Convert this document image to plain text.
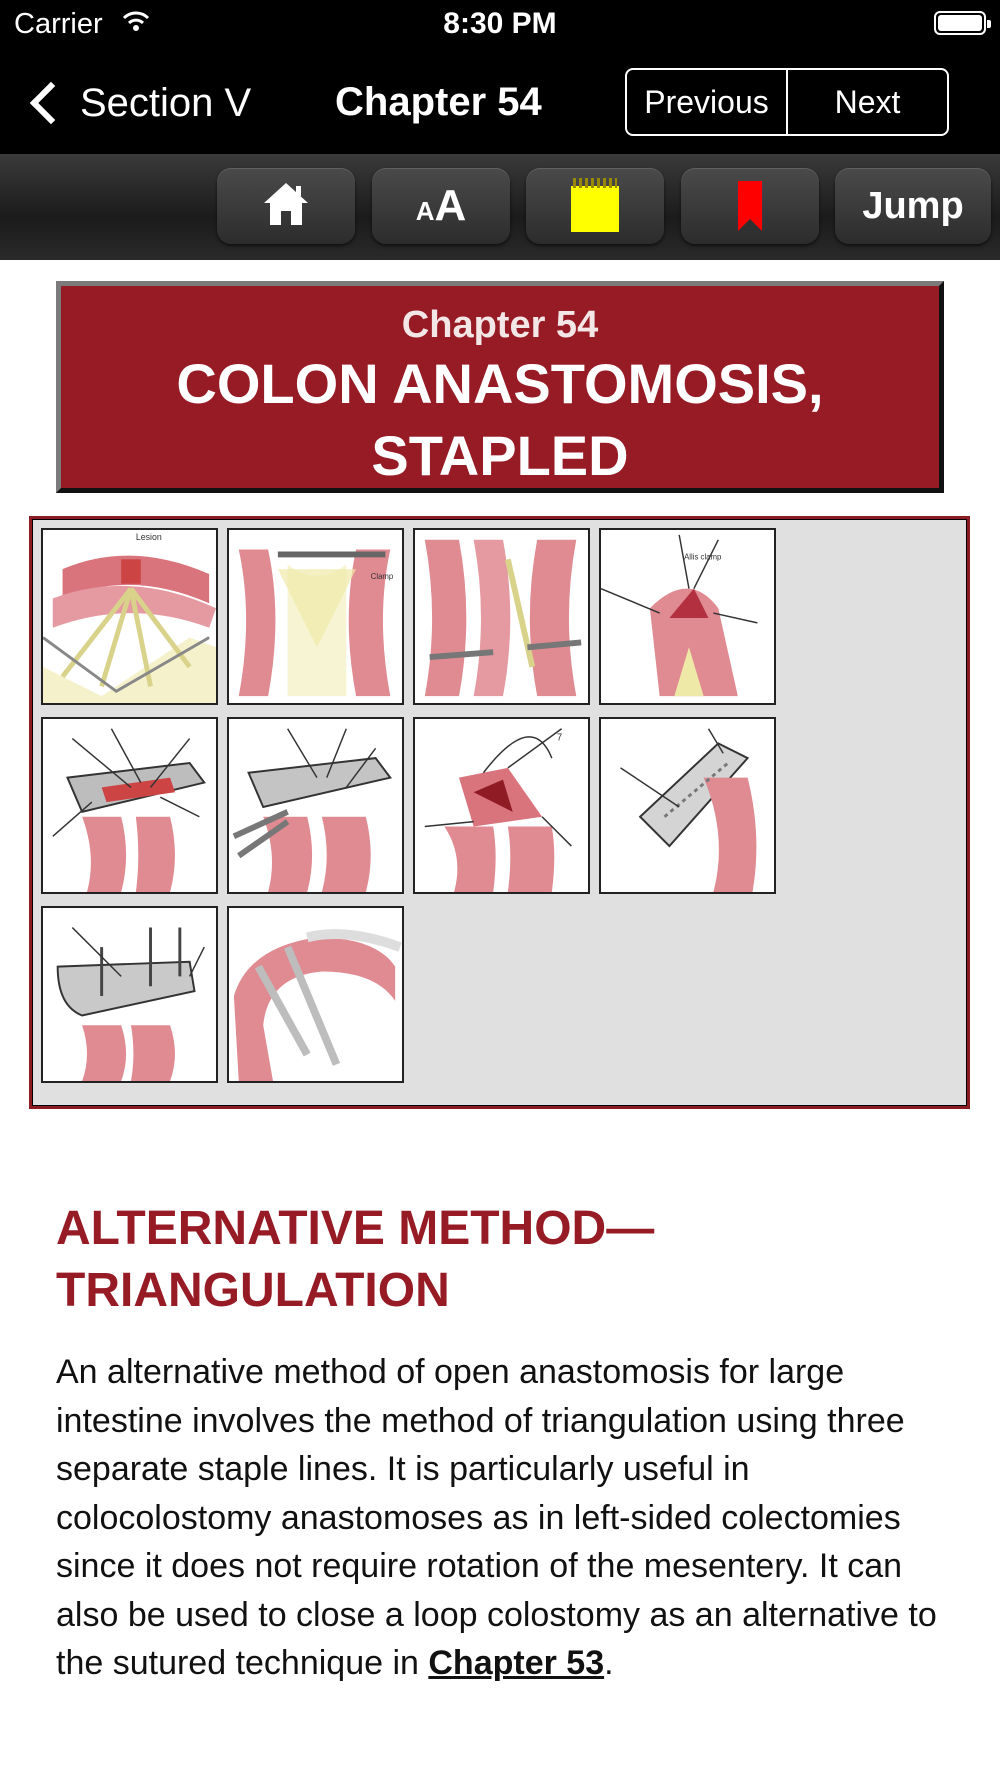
Carrier	8:30 PM
Section V Chapter 54	Previous	Next
AA	Jump
Chapter 54
COLON ANASTOMOSIS,
STAPLED
Lesion
Clamp
Allis clamp
7
ALTERNATIVE METHOD—
TRIANGULATION
An alternative method of open anastomosis for large intestine involves the method of triangulation using three separate staple lines. It is particularly useful in colocolostomy anastomoses as in left-sided colectomies since it does not require rotation of the mesentery. It can also be used to close a loop colostomy as an alternative to the sutured technique in Chapter 53.
